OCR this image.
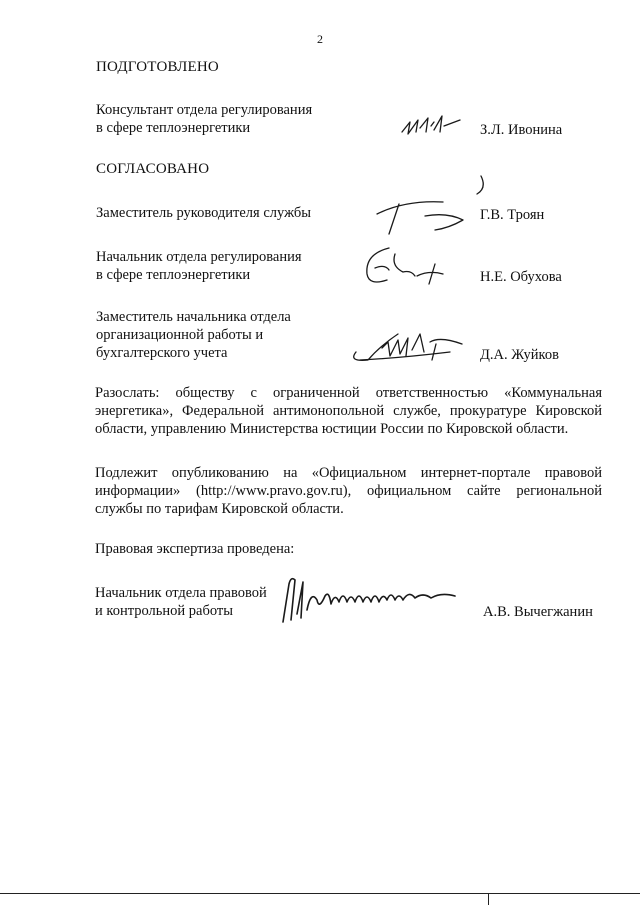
2
ПОДГОТОВЛЕНО
Консультант отдела регулирования
в сфере теплоэнергетики	З.Л. Ивонина
СОГЛАСОВАНО
Заместитель руководителя службы	Г.В. Троян
Начальник отдела регулирования
в сфере теплоэнергетики	Н.Е. Обухова
Заместитель начальника отдела
организационной работы и
бухгалтерского учета	Д.А. Жуйков
Разослать: обществу с ограниченной ответственностью «Коммунальная
энергетика», Федеральной антимонопольной службе, прокуратуре Кировской
области, управлению Министерства юстиции России по Кировской области.
Подлежит опубликованию на «Официальном интернет-портале правовой
информации» (http://www.pravo.gov.ru), официальном сайте региональной
службы по тарифам Кировской области.
Правовая экспертиза проведена:
Начальник отдела правовой
и контрольной работы	А.В. Вычегжанин
